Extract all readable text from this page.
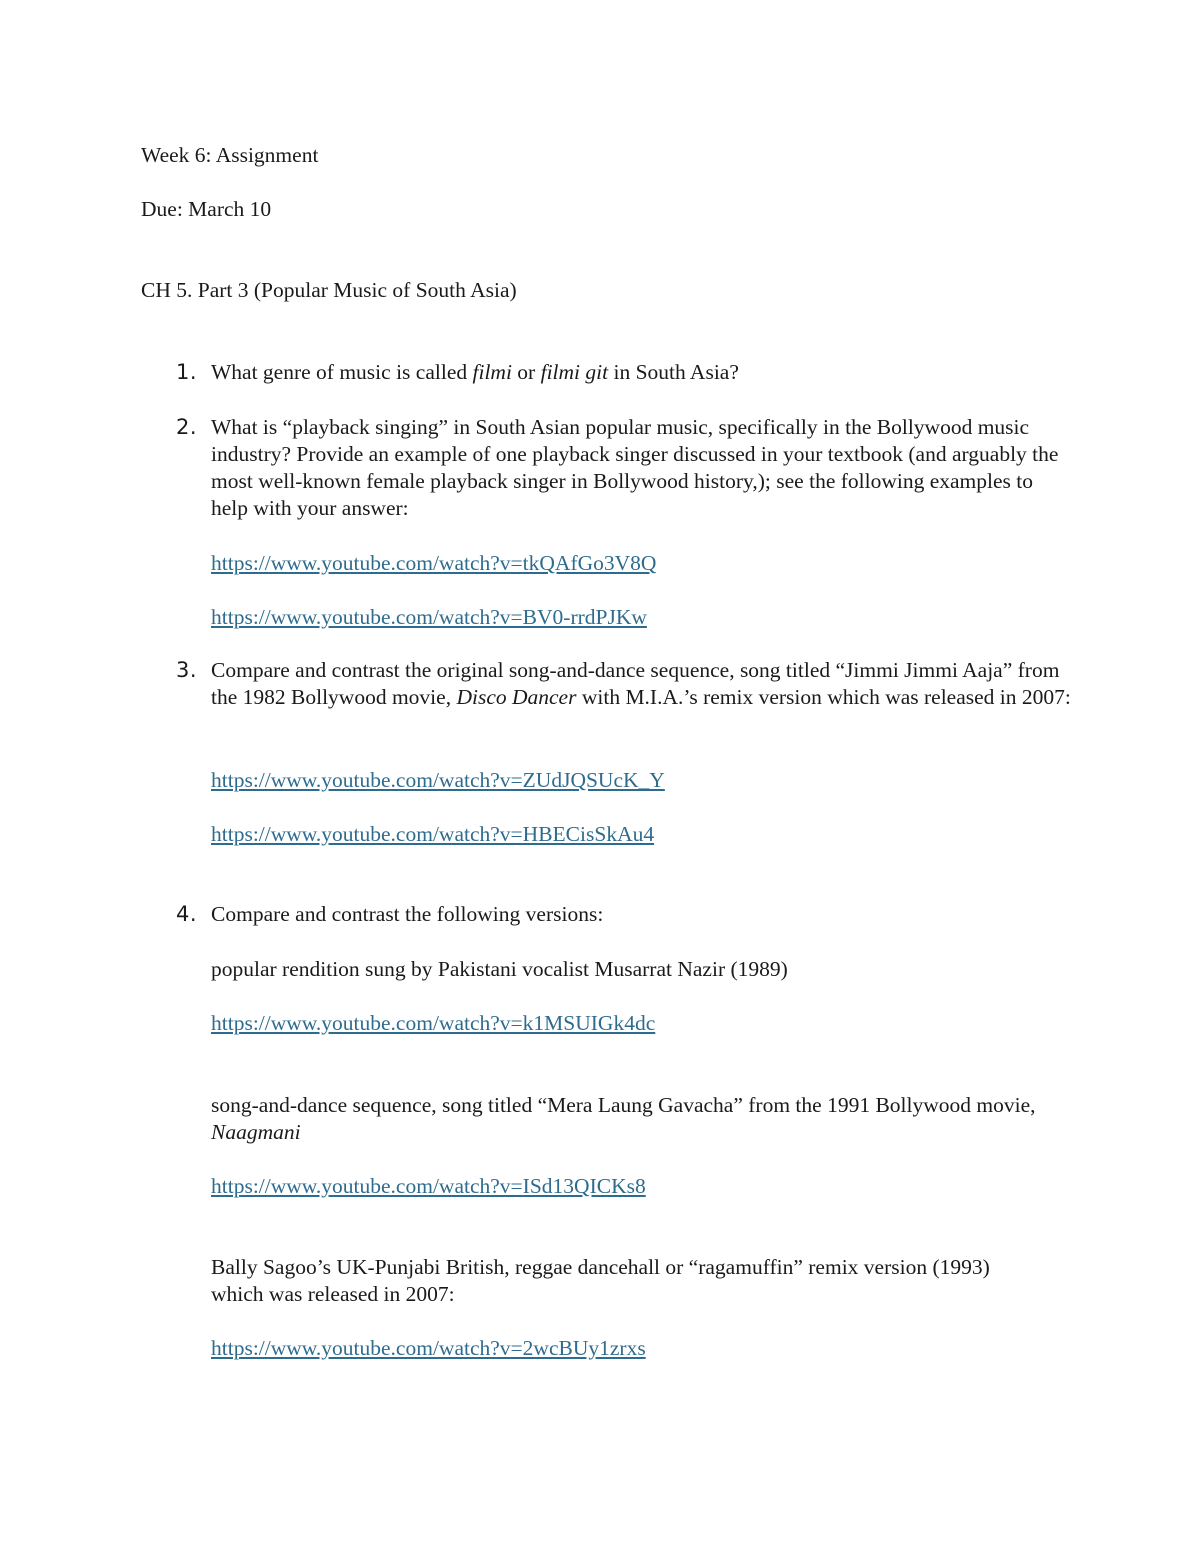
Week 6: Assignment
Due: March 10
CH 5. Part 3 (Popular Music of South Asia)
1. What genre of music is called filmi or filmi git in South Asia?
2. What is “playback singing” in South Asian popular music, specifically in the Bollywood music industry? Provide an example of one playback singer discussed in your textbook (and arguably the most well-known female playback singer in Bollywood history,); see the following examples to help with your answer:
https://www.youtube.com/watch?v=tkQAfGo3V8Q
https://www.youtube.com/watch?v=BV0-rrdPJKw
3. Compare and contrast the original song-and-dance sequence, song titled “Jimmi Jimmi Aaja” from the 1982 Bollywood movie, Disco Dancer with M.I.A.’s remix version which was released in 2007:
https://www.youtube.com/watch?v=ZUdJQSUcK_Y
https://www.youtube.com/watch?v=HBECisSkAu4
4. Compare and contrast the following versions:
popular rendition sung by Pakistani vocalist Musarrat Nazir (1989)
https://www.youtube.com/watch?v=k1MSUIGk4dc
song-and-dance sequence, song titled “Mera Laung Gavacha” from the 1991 Bollywood movie, Naagmani
https://www.youtube.com/watch?v=ISd13QICKs8
Bally Sagoo’s UK-Punjabi British, reggae dancehall or “ragamuffin” remix version (1993) which was released in 2007:
https://www.youtube.com/watch?v=2wcBUy1zrxs
